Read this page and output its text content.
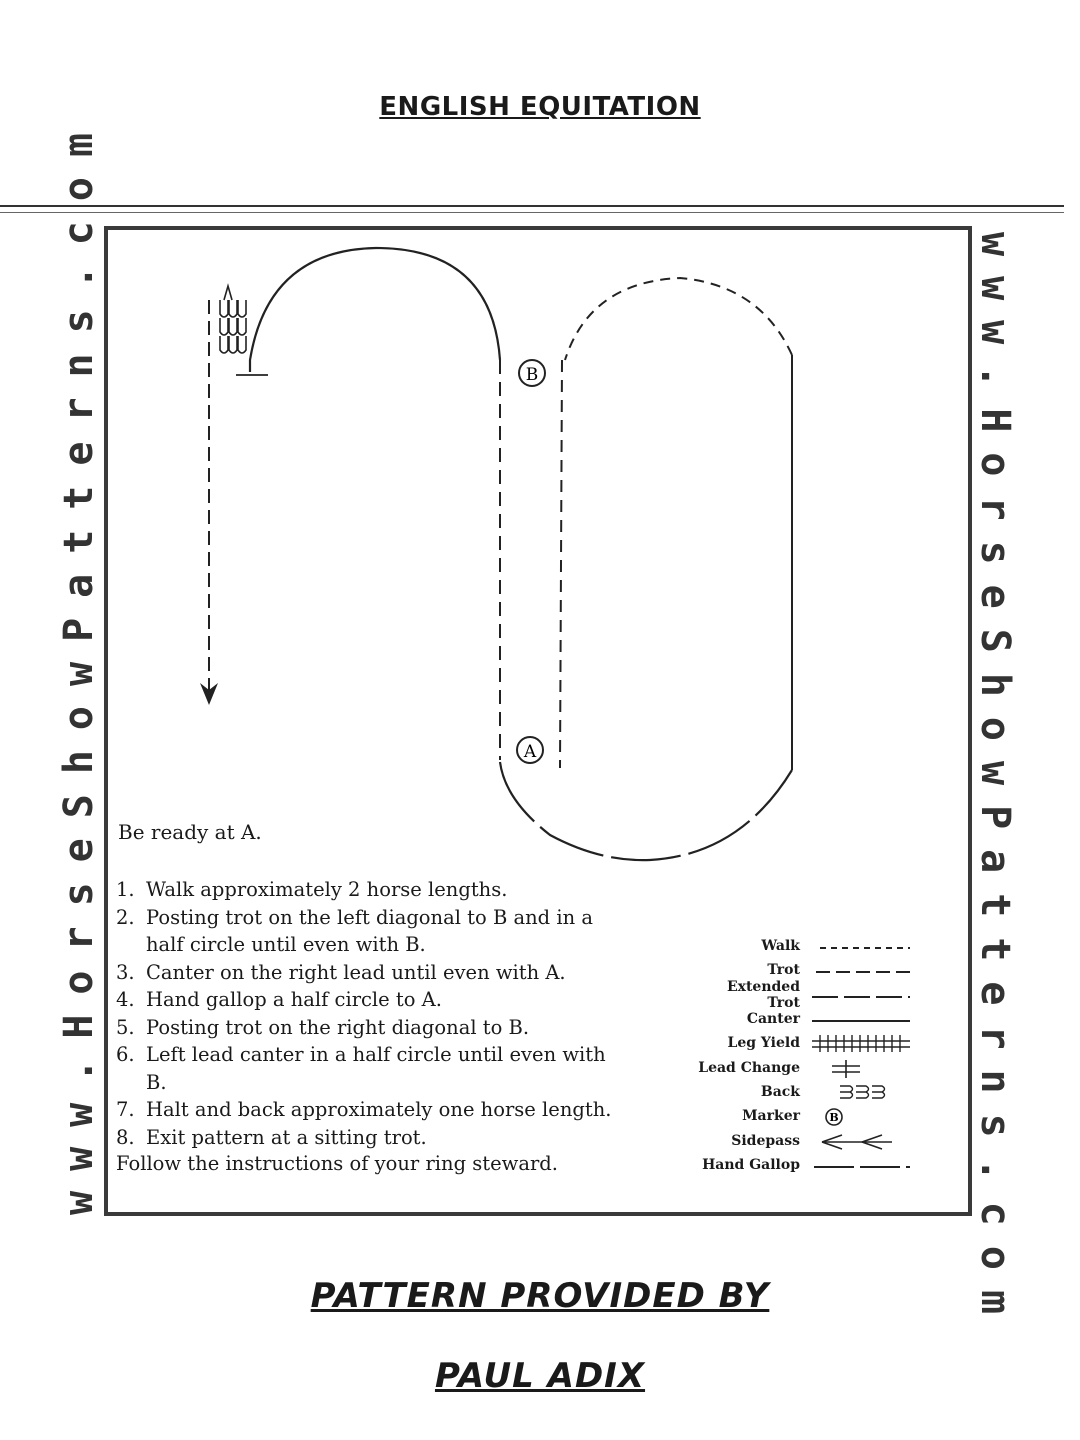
ENGLISH EQUITATION
www.HorseShowPatterns.com	www.HorseShowPatterns.com
B
A
Be ready at A.
1. Walk approximately 2 horse lengths.
2. Posting trot on the left diagonal to B and in a half circle until even with B.
3. Canter on the right lead until even with A.
4. Hand gallop a half circle to A.
5. Posting trot on the right diagonal to B.
6. Left lead canter in a half circle until even with B.
7. Halt and back approximately one horse length.
8. Exit pattern at a sitting trot.
Follow the instructions of your ring steward.
Walk
Trot
Extended Trot
Canter
Leg Yield
Lead Change
Back
Marker	B
Sidepass
Hand Gallop
PATTERN PROVIDED BY
PAUL ADIX
